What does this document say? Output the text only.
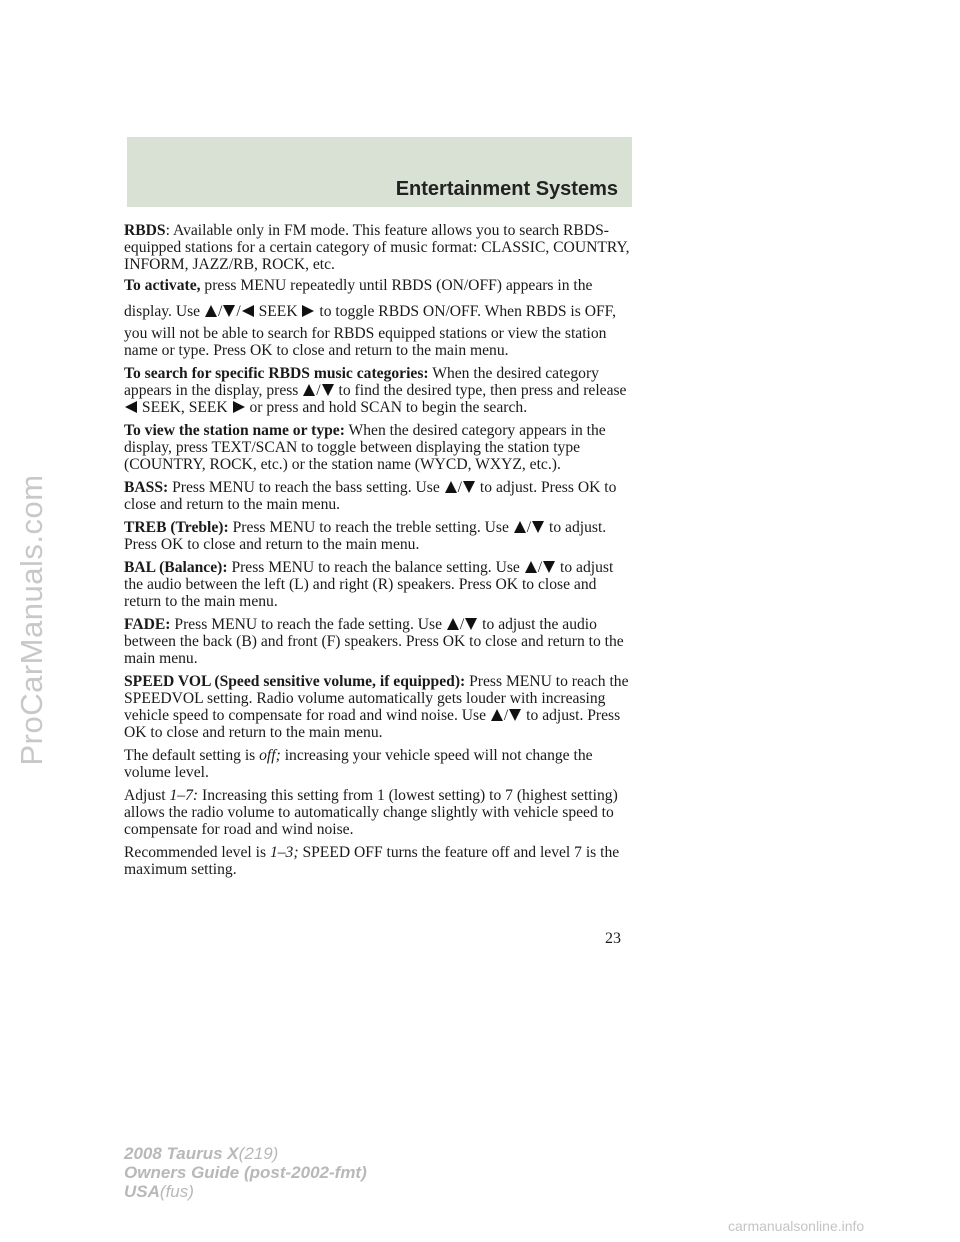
ProCarManuals.com
Entertainment Systems

RBDS: Available only in FM mode. This feature allows you to search RBDS-equipped stations for a certain category of music format: CLASSIC, COUNTRY, INFORM, JAZZ/RB, ROCK, etc.
To activate, press MENU repeatedly until RBDS (ON/OFF) appears in the display. Use / / SEEK to toggle RBDS ON/OFF. When RBDS is OFF, you will not be able to search for RBDS equipped stations or view the station name or type. Press OK to close and return to the main menu.

To search for specific RBDS music categories: When the desired category appears in the display, press / to find the desired type, then press and release  SEEK, SEEK or press and hold SCAN to begin the search.

To view the station name or type: When the desired category appears in the display, press TEXT/SCAN to toggle between displaying the station type (COUNTRY, ROCK, etc.) or the station name (WYCD, WXYZ, etc.).

BASS: Press MENU to reach the bass setting. Use / to adjust. Press OK to close and return to the main menu.

TREB (Treble): Press MENU to reach the treble setting. Use / to adjust. Press OK to close and return to the main menu.

BAL (Balance): Press MENU to reach the balance setting. Use / to adjust the audio between the left (L) and right (R) speakers. Press OK to close and return to the main menu.

FADE: Press MENU to reach the fade setting. Use / to adjust the audio between the back (B) and front (F) speakers. Press OK to close and return to the main menu.

SPEED VOL (Speed sensitive volume, if equipped): Press MENU to reach the SPEEDVOL setting. Radio volume automatically gets louder with increasing vehicle speed to compensate for road and wind noise. Use / to adjust. Press OK to close and return to the main menu.

The default setting is off; increasing your vehicle speed will not change the volume level.

Adjust 1–7: Increasing this setting from 1 (lowest setting) to 7 (highest setting) allows the radio volume to automatically change slightly with vehicle speed to compensate for road and wind noise.

Recommended level is 1–3; SPEED OFF turns the feature off and level 7 is the maximum setting.

23
2008 Taurus X(219)
Owners Guide (post-2002-fmt)
USA(fus)
carmanualsonline.info
